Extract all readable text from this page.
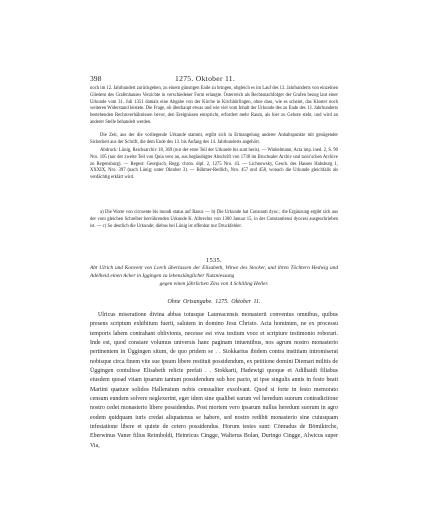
398	1275. Oktober 11.

noch im 12. Jahrhundert zurückgehen, zu einem günstigen Ende zu bringen, obgleich es im Lauf des 13. Jahrhunderts von einzelnen Gliedern des Grafenhauses Verzichte in verschiedener Form erlangte. Österreich als Rechtsnachfolger der Grafen bezog laut einer Urkunde vom 31. Juli 1351 damals eine Abgabe von der Kirche in Kirchbürlingen, ohne dass, wie es scheint, das Kloster noch weiteren Widerstand leistete. Die Frage, ob überhaupt etwas und wie viel vom Inhalt der Urkunde des zu Ende des 13. Jahrhunderts bestehenden Rechtsverhältnissen bevor, den Ereignissen entspricht, erfordert mehr Raum, als hier zu Gebote steht, und wird an anderer Stelle behandelt werden.

Die Zeit, aus der die vorliegende Urkunde stammt, ergibt sich in Ermangelung anderer Anhaltspunkte mit genügender Sicherheit aus der Schrift, die dem Ende des 13. bis Anfang des 14. Jahrhunderts angehört.

Abdruck: Lünig, Reichsarchiv 18, 369 (nur der erste Teil der Urkunde bis sunt heris). — Winkelmann, Acta imp. ined. 2, S. 90 Nro. 105 (nur der zweite Teil von Quia vero an, aus beglaubigter Abschrift von 1738 im Bruchsaler Archiv und taxis'schen Archive zu Regensburg). — Regest: Georgisch, Regg. chron. dipl. 2, 1275 Nro. 43. — Lichnowsky, Gesch. des Hauses Habsburg 1, XXXIX, Nro. 397 (nach Lünig; unter Oktober 3). — Böhmer-Redlich, Nro. 457 und 458, wonach die Urkunde gleichfalls als verdächtig erklärt wird.

a) Die Worte von circuente bis mundi status auf Rasur. — b) Die Urkunde hat Constanti dyoc.; die Ergänzung ergibt sich aus der vom gleichen Schreiber herrührenden Urkunde K. Albrechts von 1300 Januar 15, in der Constantiensi dyocesi ausgeschrieben ist. — c) So deutlich die Urkunde; diebus bei Lünig ist offenbar nur Druckfehler.

1535.

Abt Ulrich und Konvent von Lorch überlassen der Elisabeth, Witwe des Stocker, und ihren Töchtern Hedwig und Adelheid einen Acker in Iggingen zu lebenslänglicher Nutzniessung

gegen einen jährlichen Zins von 4 Schilling Heller.

Ohne Ortsangabe. 1275. Oktober 11.

Ulricus miseratione divina abbas totusque Laureacensis monasterii conventus omnibus, quibus presens scriptum exhibitum fuerit, salutem in domino Jesu Christo. Acta hominum, ne ex processu temporis labem contrahant oblivionis, necesse est viva testium voce et scripture testimonio roborari. Inde est, quod constare volumus universis hanc paginam intuentibus, nos agrum nostro monasterio pertinentem in Üggingen situm, de quo pridem se . . Stokkarius ibidem contra institiam intromiserat nobisque circa finem vite sue ipsum libere restituit possidendum, ex petitione domini Diemari militis de Üggingen contulisse Elisabeth relicte prefati . . Stokkarii, Hadewigi quoque et Adilhaidi filiabus eiusdem quoad vitam ipsarum tantum possidendum sub hoc pacto, ut ipse singulis annis in festo beati Martini quatuor solidos Hallensium nobis censualiter exsolvant. Quod si forte in festo memorato censum eundem solvere neglexerint, eger idem sine qualibet earum vel heredum suorum contradictione nostro cedet monasterio libere possidendus. Post mortem vero ipsarum nullus heredum suorum in agro eodem quidquam iuris credat aliquatenus se habere, sed nostro redibit monasterio sine cuiusquam infestatione libere et quiete de cetero possidendus. Horum testes sunt: Cōnradus de Bōmikirche, Eberwinus Vaner filius Reimboldi, Heinricus Cingge, Walterus Bolan, Duringo Cingge, Alwicus super Via,
